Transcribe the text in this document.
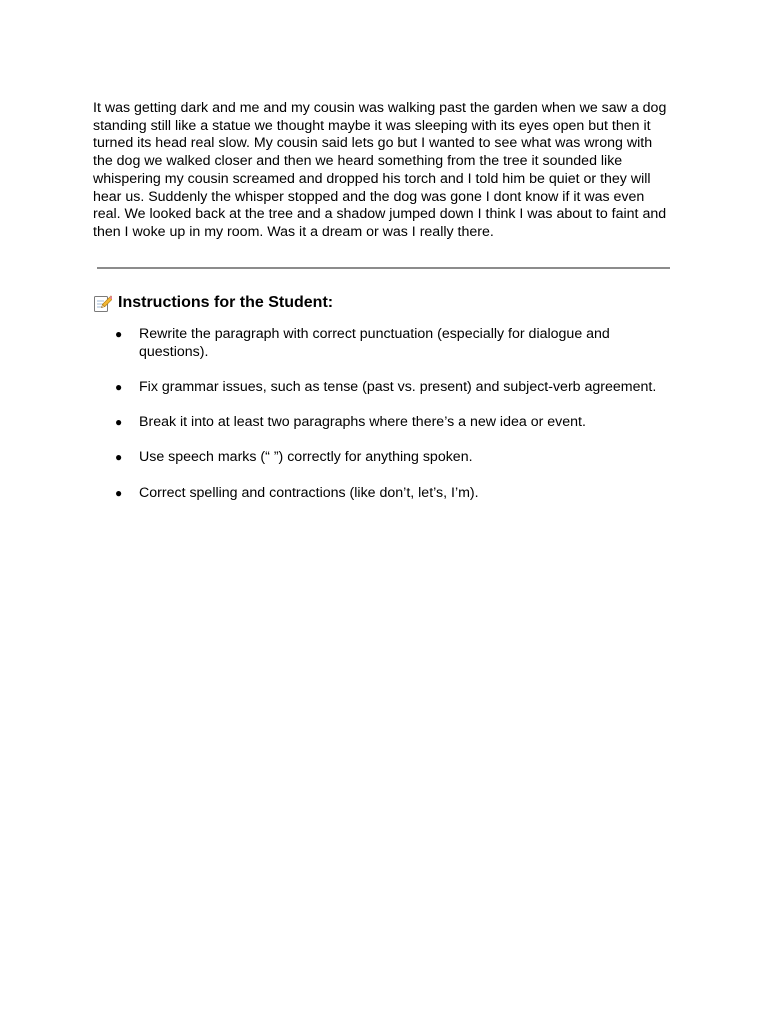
It was getting dark and me and my cousin was walking past the garden when we saw a dog standing still like a statue we thought maybe it was sleeping with its eyes open but then it turned its head real slow. My cousin said lets go but I wanted to see what was wrong with the dog we walked closer and then we heard something from the tree it sounded like whispering my cousin screamed and dropped his torch and I told him be quiet or they will hear us. Suddenly the whisper stopped and the dog was gone I dont know if it was even real. We looked back at the tree and a shadow jumped down I think I was about to faint and then I woke up in my room. Was it a dream or was I really there.

Instructions for the Student:
● Rewrite the paragraph with correct punctuation (especially for dialogue and questions).
● Fix grammar issues, such as tense (past vs. present) and subject-verb agreement.
● Break it into at least two paragraphs where there’s a new idea or event.
● Use speech marks (“ ”) correctly for anything spoken.
● Correct spelling and contractions (like don’t, let’s, I’m).
